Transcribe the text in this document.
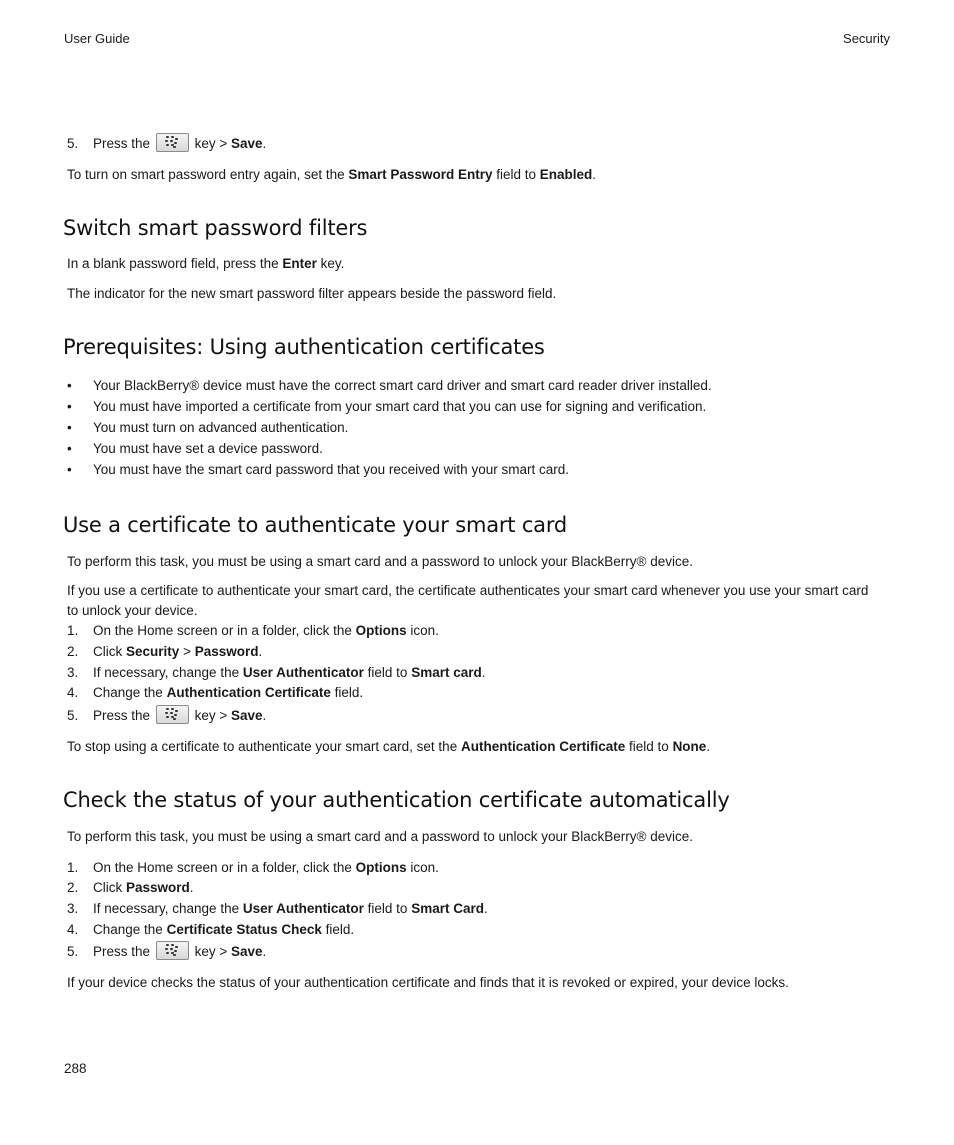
User Guide	Security
5. Press the	key > Save.
To turn on smart password entry again, set the Smart Password Entry field to Enabled.
Switch smart password filters
In a blank password field, press the Enter key.
The indicator for the new smart password filter appears beside the password field.
Prerequisites: Using authentication certificates
• Your BlackBerry® device must have the correct smart card driver and smart card reader driver installed.
• You must have imported a certificate from your smart card that you can use for signing and verification.
• You must turn on advanced authentication.
• You must have set a device password.
• You must have the smart card password that you received with your smart card.
Use a certificate to authenticate your smart card
To perform this task, you must be using a smart card and a password to unlock your BlackBerry® device.
If you use a certificate to authenticate your smart card, the certificate authenticates your smart card whenever you use your smart card to unlock your device.
1. On the Home screen or in a folder, click the Options icon.
2. Click Security > Password.
3. If necessary, change the User Authenticator field to Smart card.
4. Change the Authentication Certificate field.
5. Press the	key > Save.
To stop using a certificate to authenticate your smart card, set the Authentication Certificate field to None.
Check the status of your authentication certificate automatically
To perform this task, you must be using a smart card and a password to unlock your BlackBerry® device.
1. On the Home screen or in a folder, click the Options icon.
2. Click Password.
3. If necessary, change the User Authenticator field to Smart Card.
4. Change the Certificate Status Check field.
5. Press the	key > Save.
If your device checks the status of your authentication certificate and finds that it is revoked or expired, your device locks.
288
